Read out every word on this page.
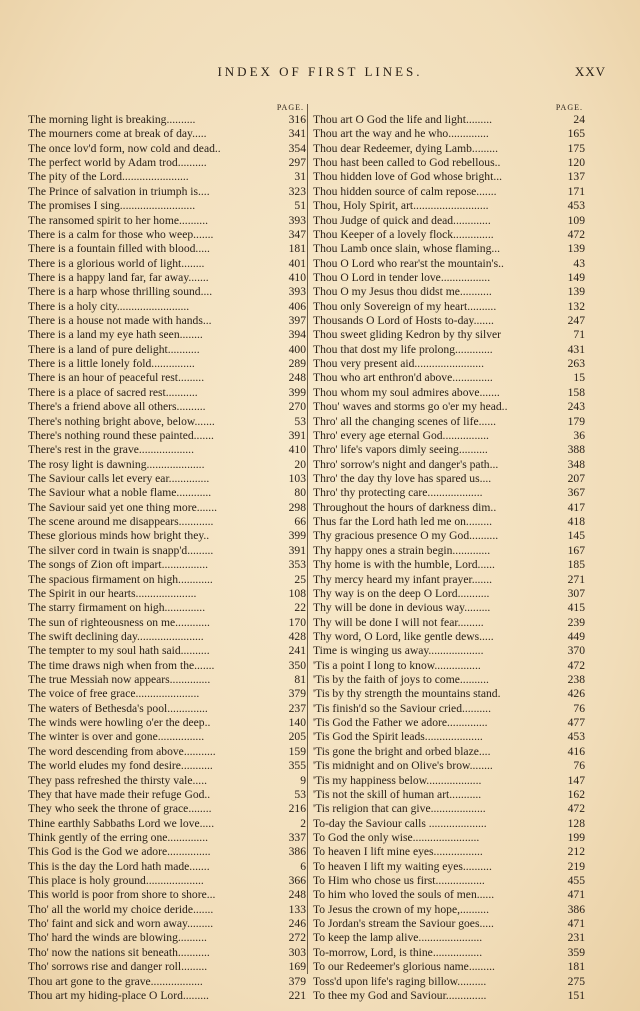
INDEX OF FIRST LINES.	XXV
PAGE.
The morning light is breaking..........	316
The mourners come at break of day.....	341
The once lov'd form, now cold and dead..	354
The perfect world by Adam trod..........	297
The pity of the Lord.......................	31
The Prince of salvation in triumph is....	323
The promises I sing..........................	51
The ransomed spirit to her home..........	393
There is a calm for those who weep.......	347
There is a fountain filled with blood.....	181
There is a glorious world of light........	401
There is a happy land far, far away.......	410
There is a harp whose thrilling sound....	393
There is a holy city.........................	406
There is a house not made with hands...	397
There is a land my eye hath seen........	394
There is a land of pure delight...........	400
There is a little lonely fold...............	289
There is an hour of peaceful rest.........	248
There is a place of sacred rest...........	399
There's a friend above all others..........	270
There's nothing bright above, below.......	53
There's nothing round these painted.......	391
There's rest in the grave...................	410
The rosy light is dawning....................	20
The Saviour calls let every ear..............	103
The Saviour what a noble flame............	80
The Saviour said yet one thing more.......	298
The scene around me disappears............	66
These glorious minds how bright they..	399
The silver cord in twain is snapp'd.........	391
The songs of Zion oft impart................	353
The spacious firmament on high............	25
The Spirit in our hearts.....................	108
The starry firmament on high..............	22
The sun of righteousness on me............	170
The swift declining day.......................	428
The tempter to my soul hath said..........	241
The time draws nigh when from the.......	350
The true Messiah now appears..............	81
The voice of free grace......................	379
The waters of Bethesda's pool..............	237
The winds were howling o'er the deep..	140
The winter is over and gone................	205
The word descending from above...........	159
The world eludes my fond desire...........	355
They pass refreshed the thirsty vale.....	9
They that have made their refuge God..	53
They who seek the throne of grace........	216
Thine earthly Sabbaths Lord we love.....	2
Think gently of the erring one..............	337
This God is the God we adore...............	386
This is the day the Lord hath made.......	6
This place is holy ground....................	366
This world is poor from shore to shore...	248
Tho' all the world my choice deride.......	133
Tho' faint and sick and worn away.........	246
Tho' hard the winds are blowing..........	272
Tho' now the nations sit beneath...........	303
Tho' sorrows rise and danger roll.........	169
Thou art gone to the grave..................	379
Thou art my hiding-place O Lord.........	221
PAGE.
Thou art O God the life and light.........	24
Thou art the way and he who..............	165
Thou dear Redeemer, dying Lamb.........	175
Thou hast been called to God rebellous..	120
Thou hidden love of God whose bright...	137
Thou hidden source of calm repose.......	171
Thou, Holy Spirit, art..........................	453
Thou Judge of quick and dead.............	109
Thou Keeper of a lovely flock..............	472
Thou Lamb once slain, whose flaming...	139
Thou O Lord who rear'st the mountain's..	43
Thou O Lord in tender love.................	149
Thou O my Jesus thou didst me...........	139
Thou only Sovereign of my heart..........	132
Thousands O Lord of Hosts to-day.......	247
Thou sweet gliding Kedron by thy silver	71
Thou that dost my life prolong.............	431
Thou very present aid........................	263
Thou who art enthron'd above..............	15
Thou whom my soul admires above.......	158
Thou' waves and storms go o'er my head..	243
Thro' all the changing scenes of life......	179
Thro' every age eternal God................	36
Thro' life's vapors dimly seeing..........	388
Thro' sorrow's night and danger's path...	348
Thro' the day thy love has spared us....	207
Thro' thy protecting care...................	367
Throughout the hours of darkness dim..	417
Thus far the Lord hath led me on.........	418
Thy gracious presence O my God..........	145
Thy happy ones a strain begin.............	167
Thy home is with the humble, Lord......	185
Thy mercy heard my infant prayer.......	271
Thy way is on the deep O Lord...........	307
Thy will be done in devious way.........	415
Thy will be done I will not fear.........	239
Thy word, O Lord, like gentle dews.....	449
Time is winging us away...................	370
'Tis a point I long to know................	472
'Tis by the faith of joys to come..........	238
'Tis by thy strength the mountains stand.	426
'Tis finish'd so the Saviour cried..........	76
'Tis God the Father we adore..............	477
'Tis God the Spirit leads....................	453
'Tis gone the bright and orbed blaze....	416
'Tis midnight and on Olive's brow........	76
'Tis my happiness below...................	147
'Tis not the skill of human art...........	162
'Tis religion that can give...................	472
To-day the Saviour calls ....................	128
To God the only wise.......................	199
To heaven I lift mine eyes.................	212
To heaven I lift my waiting eyes..........	219
To Him who chose us first.................	455
To him who loved the souls of men......	471
To Jesus the crown of my hope,..........	386
To Jordan's stream the Saviour goes.....	471
To keep the lamp alive......................	231
To-morrow, Lord, is thine.................	359
To our Redeemer's glorious name.........	181
Toss'd upon life's raging billow..........	275
To thee my God and Saviour..............	151
